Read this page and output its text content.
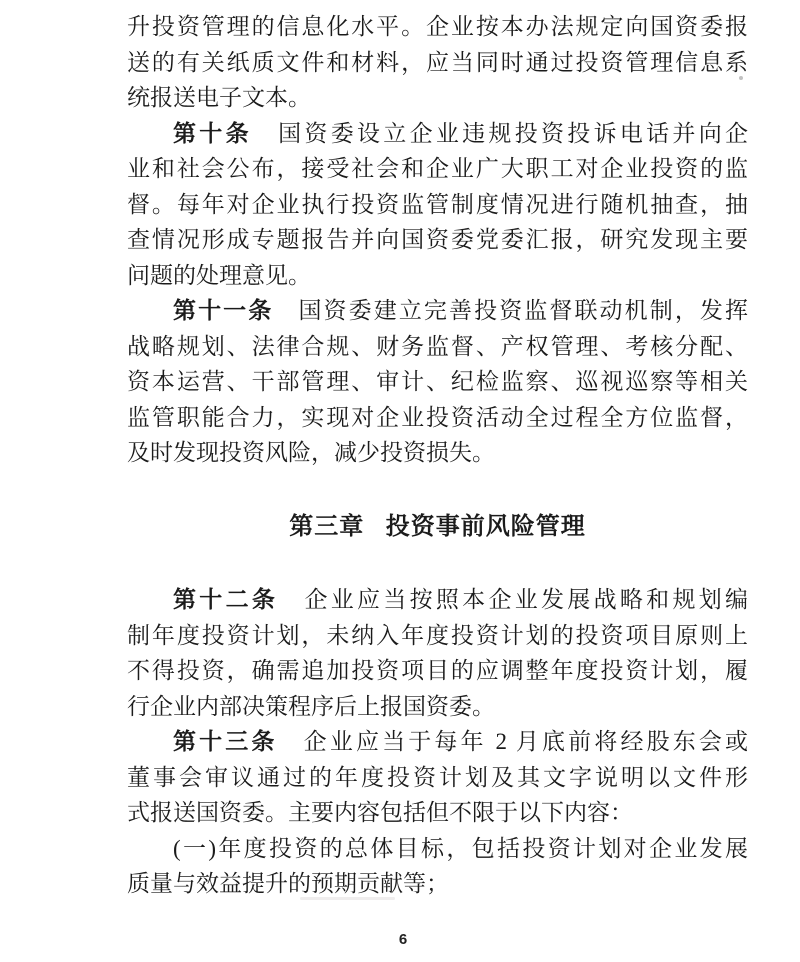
升投资管理的信息化水平。企业按本办法规定向国资委报
送的有关纸质文件和材料，应当同时通过投资管理信息系
统报送电子文本。
第十条　国资委设立企业违规投资投诉电话并向企
业和社会公布，接受社会和企业广大职工对企业投资的监
督。每年对企业执行投资监管制度情况进行随机抽查，抽
查情况形成专题报告并向国资委党委汇报，研究发现主要
问题的处理意见。
第十一条　国资委建立完善投资监督联动机制，发挥
战略规划、法律合规、财务监督、产权管理、考核分配、
资本运营、干部管理、审计、纪检监察、巡视巡察等相关
监管职能合力，实现对企业投资活动全过程全方位监督，
及时发现投资风险，减少投资损失。
第三章 投资事前风险管理
第十二条　企业应当按照本企业发展战略和规划编
制年度投资计划，未纳入年度投资计划的投资项目原则上
不得投资，确需追加投资项目的应调整年度投资计划，履
行企业内部决策程序后上报国资委。
第十三条　企业应当于每年 2 月底前将经股东会或
董事会审议通过的年度投资计划及其文字说明以文件形
式报送国资委。主要内容包括但不限于以下内容：
(一)年度投资的总体目标，包括投资计划对企业发展
质量与效益提升的预期贡献等；
6
